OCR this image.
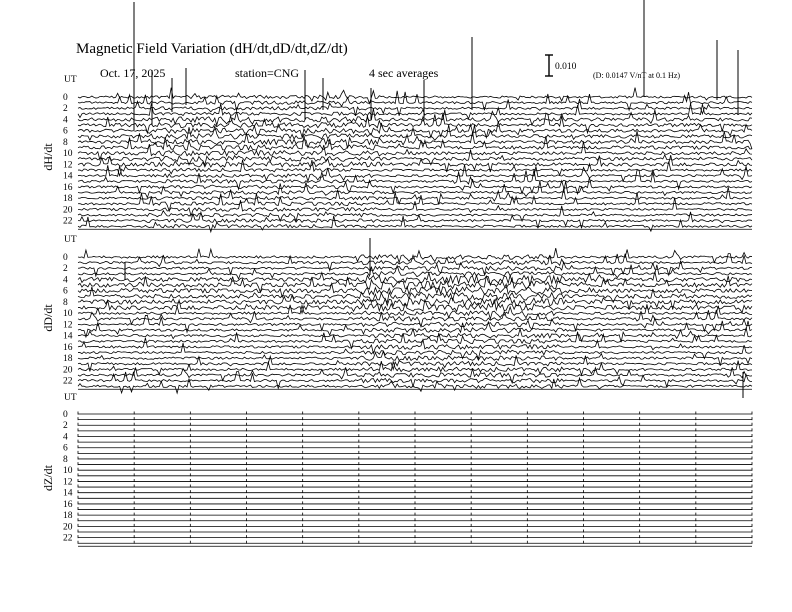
Magnetic Field Variation (dH/dt,dD/dt,dZ/dt)
Oct. 17, 2025	station=CNG	4 sec averages	0.010
(D: 0.0147 V/nT at 0.1 Hz)
UT
dH/dt
0
2
4
6
8
10
12
14
16
18
20
22
UT
dD/dt
0
2
4
6
8
10
12
14
16
18
20
22
UT
dZ/dt
0
2
4
6
8
10
12
14
16
18
20
22
